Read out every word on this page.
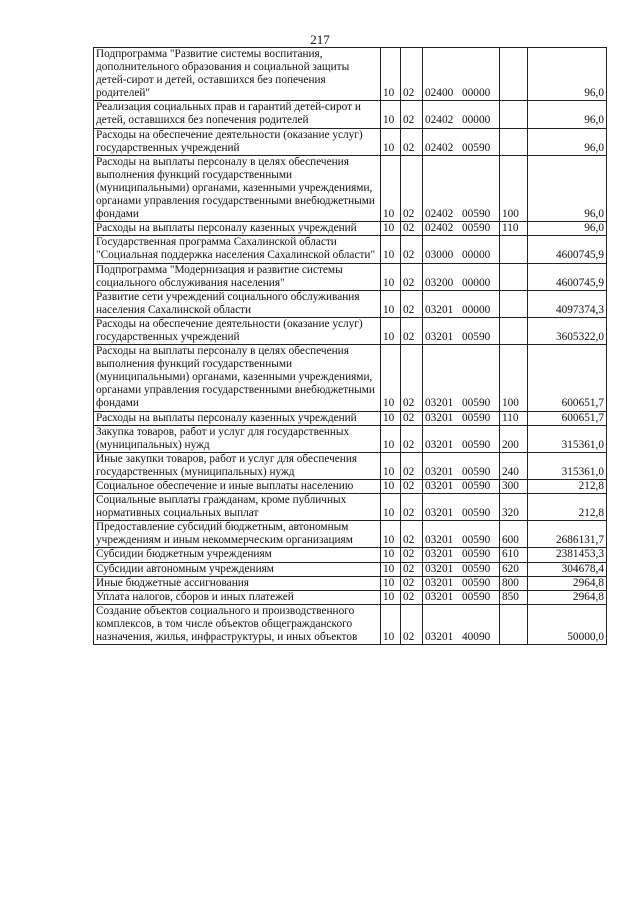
217
Подпрограмма "Развитие системы воспитания, дополнительного образования и социальной защиты детей-сирот и детей, оставшихся без попечения родителей"	10	02	02400 00000		96,0
Реализация социальных прав и гарантий детей-сирот и детей, оставшихся без попечения родителей	10	02	02402 00000		96,0
Расходы на обеспечение деятельности (оказание услуг) государственных учреждений	10	02	02402 00590		96,0
Расходы на выплаты персоналу в целях обеспечения выполнения функций государственными (муниципальными) органами, казенными учреждениями, органами управления государственными внебюджетными фондами	10	02	02402 00590	100	96,0
Расходы на выплаты персоналу казенных учреждений	10	02	02402 00590	110	96,0
Государственная программа Сахалинской области "Социальная поддержка населения Сахалинской области"	10	02	03000 00000		4600745,9
Подпрограмма "Модернизация и развитие системы социального обслуживания населения"	10	02	03200 00000		4600745,9
Развитие сети учреждений социального обслуживания населения Сахалинской области	10	02	03201 00000		4097374,3
Расходы на обеспечение деятельности (оказание услуг) государственных учреждений	10	02	03201 00590		3605322,0
Расходы на выплаты персоналу в целях обеспечения выполнения функций государственными (муниципальными) органами, казенными учреждениями, органами управления государственными внебюджетными фондами	10	02	03201 00590	100	600651,7
Расходы на выплаты персоналу казенных учреждений	10	02	03201 00590	110	600651,7
Закупка товаров, работ и услуг для государственных (муниципальных) нужд	10	02	03201 00590	200	315361,0
Иные закупки товаров, работ и услуг для обеспечения государственных (муниципальных) нужд	10	02	03201 00590	240	315361,0
Социальное обеспечение и иные выплаты населению	10	02	03201 00590	300	212,8
Социальные выплаты гражданам, кроме публичных нормативных социальных выплат	10	02	03201 00590	320	212,8
Предоставление субсидий бюджетным, автономным учреждениям и иным некоммерческим организациям	10	02	03201 00590	600	2686131,7
Субсидии бюджетным учреждениям	10	02	03201 00590	610	2381453,3
Субсидии автономным учреждениям	10	02	03201 00590	620	304678,4
Иные бюджетные ассигнования	10	02	03201 00590	800	2964,8
Уплата налогов, сборов и иных платежей	10	02	03201 00590	850	2964,8
Создание объектов социального и производственного комплексов, в том числе объектов общегражданского назначения, жилья, инфраструктуры, и иных объектов	10	02	03201 40090		50000,0
